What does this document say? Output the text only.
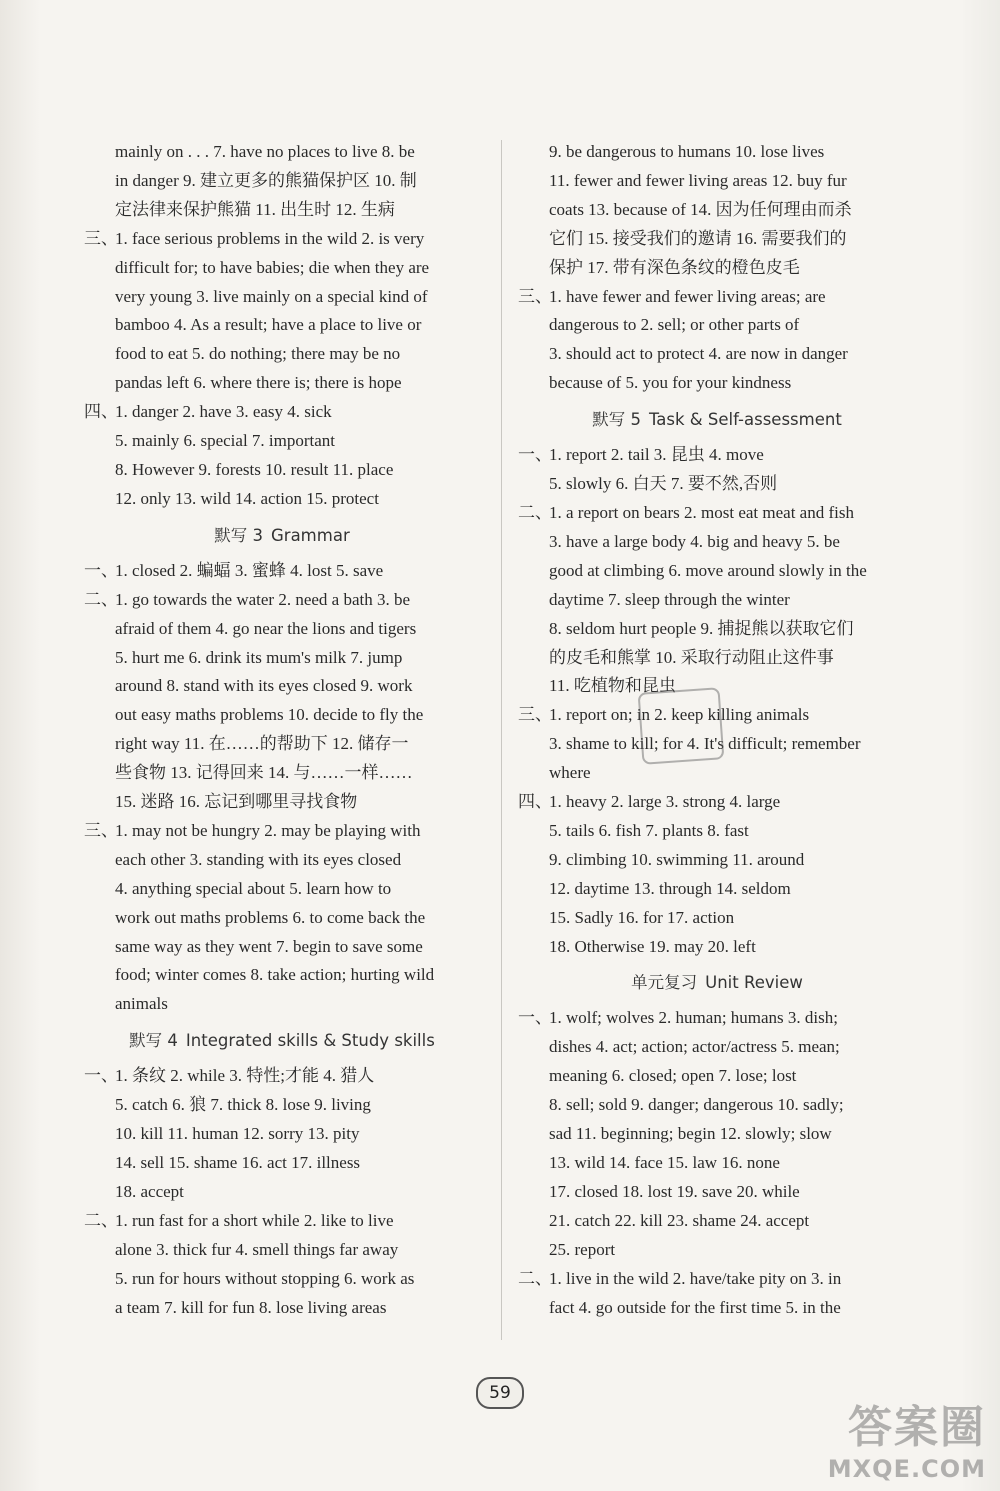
mainly on . . . 7. have no places to live 8. be
in danger 9. 建立更多的熊猫保护区 10. 制
定法律来保护熊猫 11. 出生时 12. 生病
三、1. face serious problems in the wild 2. is very
difficult for; to have babies; die when they are
very young 3. live mainly on a special kind of
bamboo 4. As a result; have a place to live or
food to eat 5. do nothing; there may be no
pandas left 6. where there is; there is hope
四、1. danger 2. have 3. easy 4. sick
5. mainly 6. special 7. important
8. However 9. forests 10. result 11. place
12. only 13. wild 14. action 15. protect
默写 3 Grammar
一、1. closed 2. 蝙蝠 3. 蜜蜂 4. lost 5. save
二、1. go towards the water 2. need a bath 3. be
afraid of them 4. go near the lions and tigers
5. hurt me 6. drink its mum's milk 7. jump
around 8. stand with its eyes closed 9. work
out easy maths problems 10. decide to fly the
right way 11. 在……的帮助下 12. 储存一
些食物 13. 记得回来 14. 与……一样……
15. 迷路 16. 忘记到哪里寻找食物
三、1. may not be hungry 2. may be playing with
each other 3. standing with its eyes closed
4. anything special about 5. learn how to
work out maths problems 6. to come back the
same way as they went 7. begin to save some
food; winter comes 8. take action; hurting wild
animals
默写 4 Integrated skills & Study skills
一、1. 条纹 2. while 3. 特性;才能 4. 猎人
5. catch 6. 狼 7. thick 8. lose 9. living
10. kill 11. human 12. sorry 13. pity
14. sell 15. shame 16. act 17. illness
18. accept
二、1. run fast for a short while 2. like to live
alone 3. thick fur 4. smell things far away
5. run for hours without stopping 6. work as
a team 7. kill for fun 8. lose living areas
9. be dangerous to humans 10. lose lives
11. fewer and fewer living areas 12. buy fur
coats 13. because of 14. 因为任何理由而杀
它们 15. 接受我们的邀请 16. 需要我们的
保护 17. 带有深色条纹的橙色皮毛
三、1. have fewer and fewer living areas; are
dangerous to 2. sell; or other parts of
3. should act to protect 4. are now in danger
because of 5. you for your kindness
默写 5 Task & Self-assessment
一、1. report 2. tail 3. 昆虫 4. move
5. slowly 6. 白天 7. 要不然,否则
二、1. a report on bears 2. most eat meat and fish
3. have a large body 4. big and heavy 5. be
good at climbing 6. move around slowly in the
daytime 7. sleep through the winter
8. seldom hurt people 9. 捕捉熊以获取它们
的皮毛和熊掌 10. 采取行动阻止这件事
11. 吃植物和昆虫
三、1. report on; in 2. keep killing animals
3. shame to kill; for 4. It's difficult; remember
where
四、1. heavy 2. large 3. strong 4. large
5. tails 6. fish 7. plants 8. fast
9. climbing 10. swimming 11. around
12. daytime 13. through 14. seldom
15. Sadly 16. for 17. action
18. Otherwise 19. may 20. left
单元复习 Unit Review
一、1. wolf; wolves 2. human; humans 3. dish;
dishes 4. act; action; actor/actress 5. mean;
meaning 6. closed; open 7. lose; lost
8. sell; sold 9. danger; dangerous 10. sadly;
sad 11. beginning; begin 12. slowly; slow
13. wild 14. face 15. law 16. none
17. closed 18. lost 19. save 20. while
21. catch 22. kill 23. shame 24. accept
25. report
二、1. live in the wild 2. have/take pity on 3. in
fact 4. go outside for the first time 5. in the
59
答案圈
MXQE.COM
